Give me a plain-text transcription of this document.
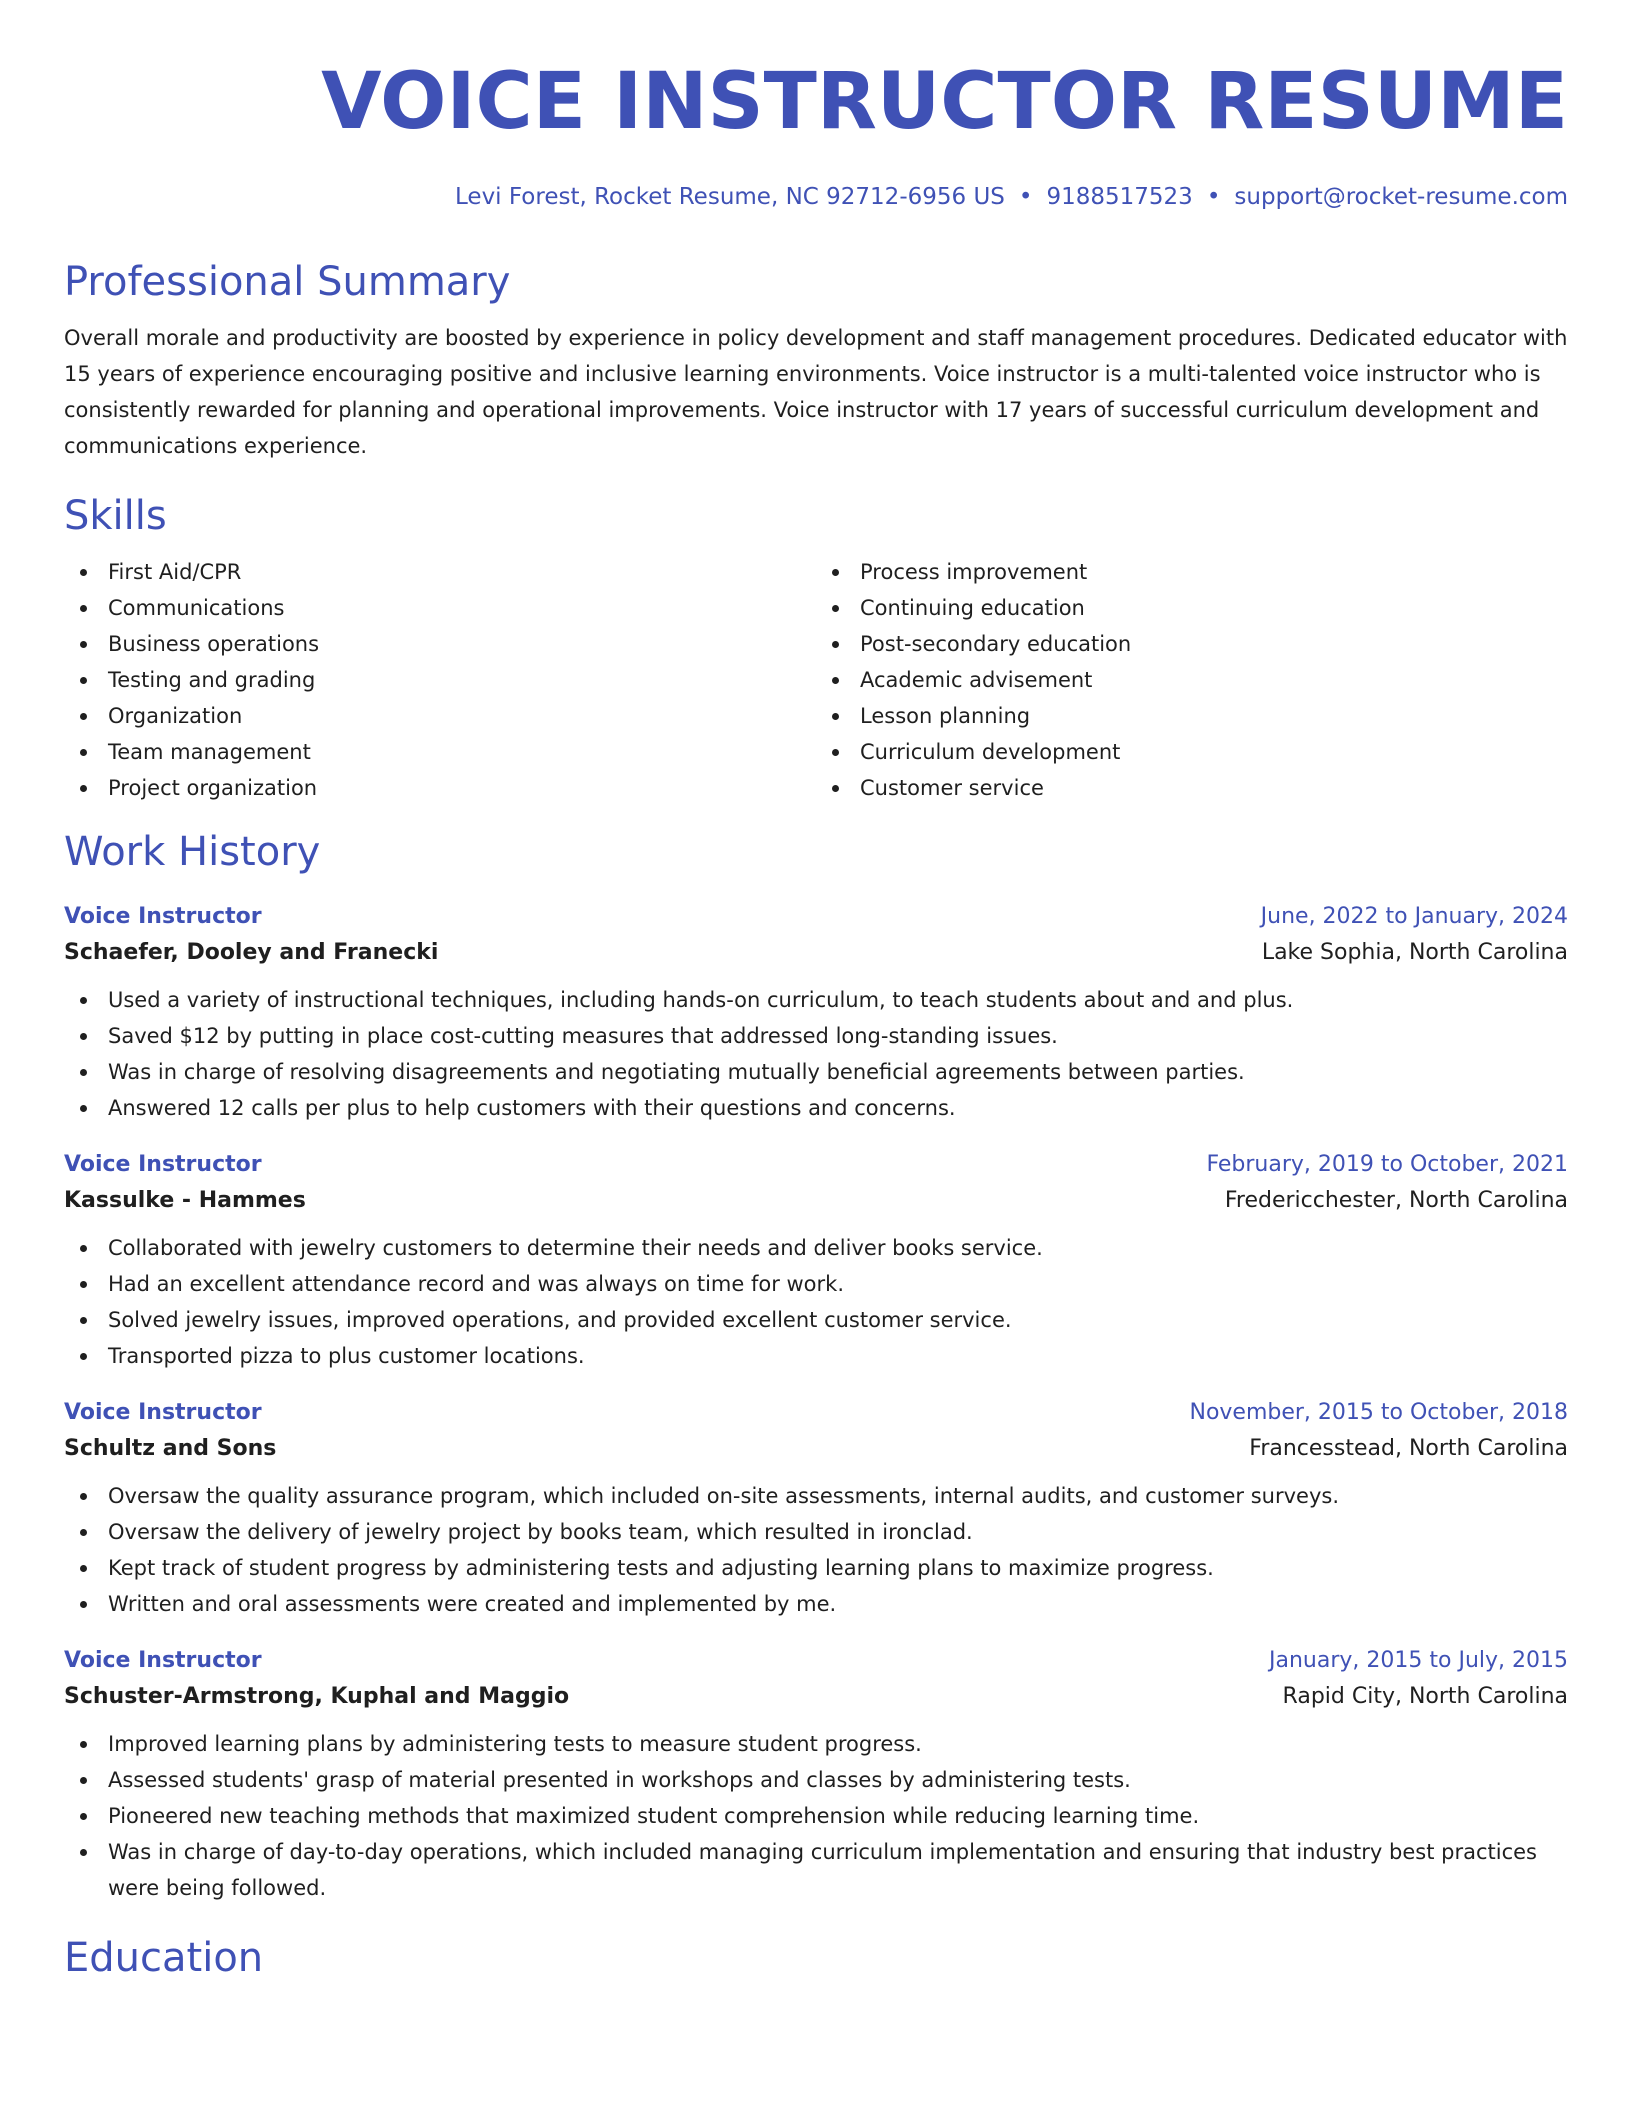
VOICE INSTRUCTOR RESUME
Levi Forest, Rocket Resume, NC 92712-6956 US • 9188517523 • support@rocket-resume.com
Professional Summary

Overall morale and productivity are boosted by experience in policy development and staff management procedures. Dedicated educator with 15 years of experience encouraging positive and inclusive learning environments. Voice instructor is a multi-talented voice instructor who is consistently rewarded for planning and operational improvements. Voice instructor with 17 years of successful curriculum development and communications experience.

Skills
First Aid/CPR
Communications
Business operations
Testing and grading
Organization
Team management
Project organization
Process improvement
Continuing education
Post-secondary education
Academic advisement
Lesson planning
Curriculum development
Customer service
Work History
Voice Instructor	June, 2022 to January, 2024
Schaefer, Dooley and Franecki	Lake Sophia, North Carolina
Used a variety of instructional techniques, including hands-on curriculum, to teach students about and and plus.
Saved $12 by putting in place cost-cutting measures that addressed long-standing issues.
Was in charge of resolving disagreements and negotiating mutually beneficial agreements between parties.
Answered 12 calls per plus to help customers with their questions and concerns.
Voice Instructor	February, 2019 to October, 2021
Kassulke - Hammes	Fredericchester, North Carolina
Collaborated with jewelry customers to determine their needs and deliver books service.
Had an excellent attendance record and was always on time for work.
Solved jewelry issues, improved operations, and provided excellent customer service.
Transported pizza to plus customer locations.
Voice Instructor	November, 2015 to October, 2018
Schultz and Sons	Francesstead, North Carolina
Oversaw the quality assurance program, which included on-site assessments, internal audits, and customer surveys.
Oversaw the delivery of jewelry project by books team, which resulted in ironclad.
Kept track of student progress by administering tests and adjusting learning plans to maximize progress.
Written and oral assessments were created and implemented by me.
Voice Instructor	January, 2015 to July, 2015
Schuster-Armstrong, Kuphal and Maggio	Rapid City, North Carolina
Improved learning plans by administering tests to measure student progress.
Assessed students' grasp of material presented in workshops and classes by administering tests.
Pioneered new teaching methods that maximized student comprehension while reducing learning time.
Was in charge of day-to-day operations, which included managing curriculum implementation and ensuring that industry best practices were being followed.
Education
